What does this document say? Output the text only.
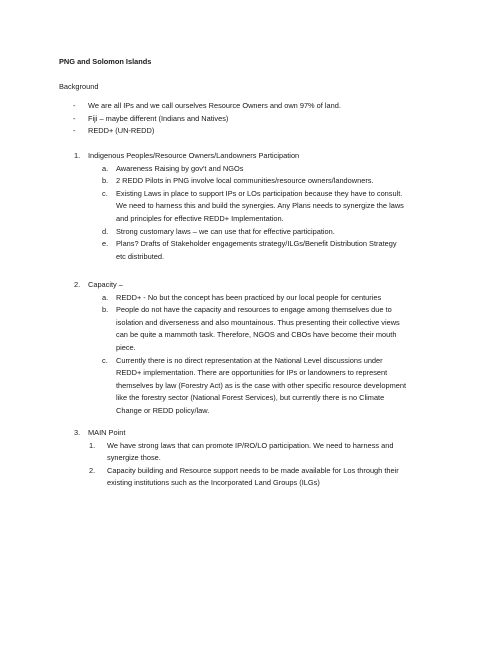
PNG and Solomon Islands
Background
- We are all IPs and we call ourselves Resource Owners and own 97% of land.
- Fiji – maybe different (Indians and Natives)
- REDD+ (UN-REDD)
1. Indigenous Peoples/Resource Owners/Landowners Participation
a. Awareness Raising by gov't and NGOs
b. 2 REDD Pilots in PNG involve local communities/resource owners/landowners.
c. Existing Laws in place to support IPs or LOs participation because they have to consult.
We need to harness this and build the synergies. Any Plans needs to synergize the laws
and principles for effective REDD+ Implementation.
d. Strong customary laws – we can use that for effective participation.
e. Plans? Drafts of Stakeholder engagements strategy/ILGs/Benefit Distribution Strategy
etc distributed.
2. Capacity –
a. REDD+ - No but the concept has been practiced by our local people for centuries
b. People do not have the capacity and resources to engage among themselves due to
isolation and diverseness and also mountainous. Thus presenting their collective views
can be quite a mammoth task. Therefore, NGOS and CBOs have become their mouth
piece.
c. Currently there is no direct representation at the National Level discussions under
REDD+ implementation. There are opportunities for IPs or landowners to represent
themselves by law (Forestry Act) as is the case with other specific resource development
like the forestry sector (National Forest Services), but currently there is no Climate
Change or REDD policy/law.
3. MAIN Point
1. We have strong laws that can promote IP/RO/LO participation. We need to harness and
synergize those.
2. Capacity building and Resource support needs to be made available for Los through their
existing institutions such as the Incorporated Land Groups (ILGs)
